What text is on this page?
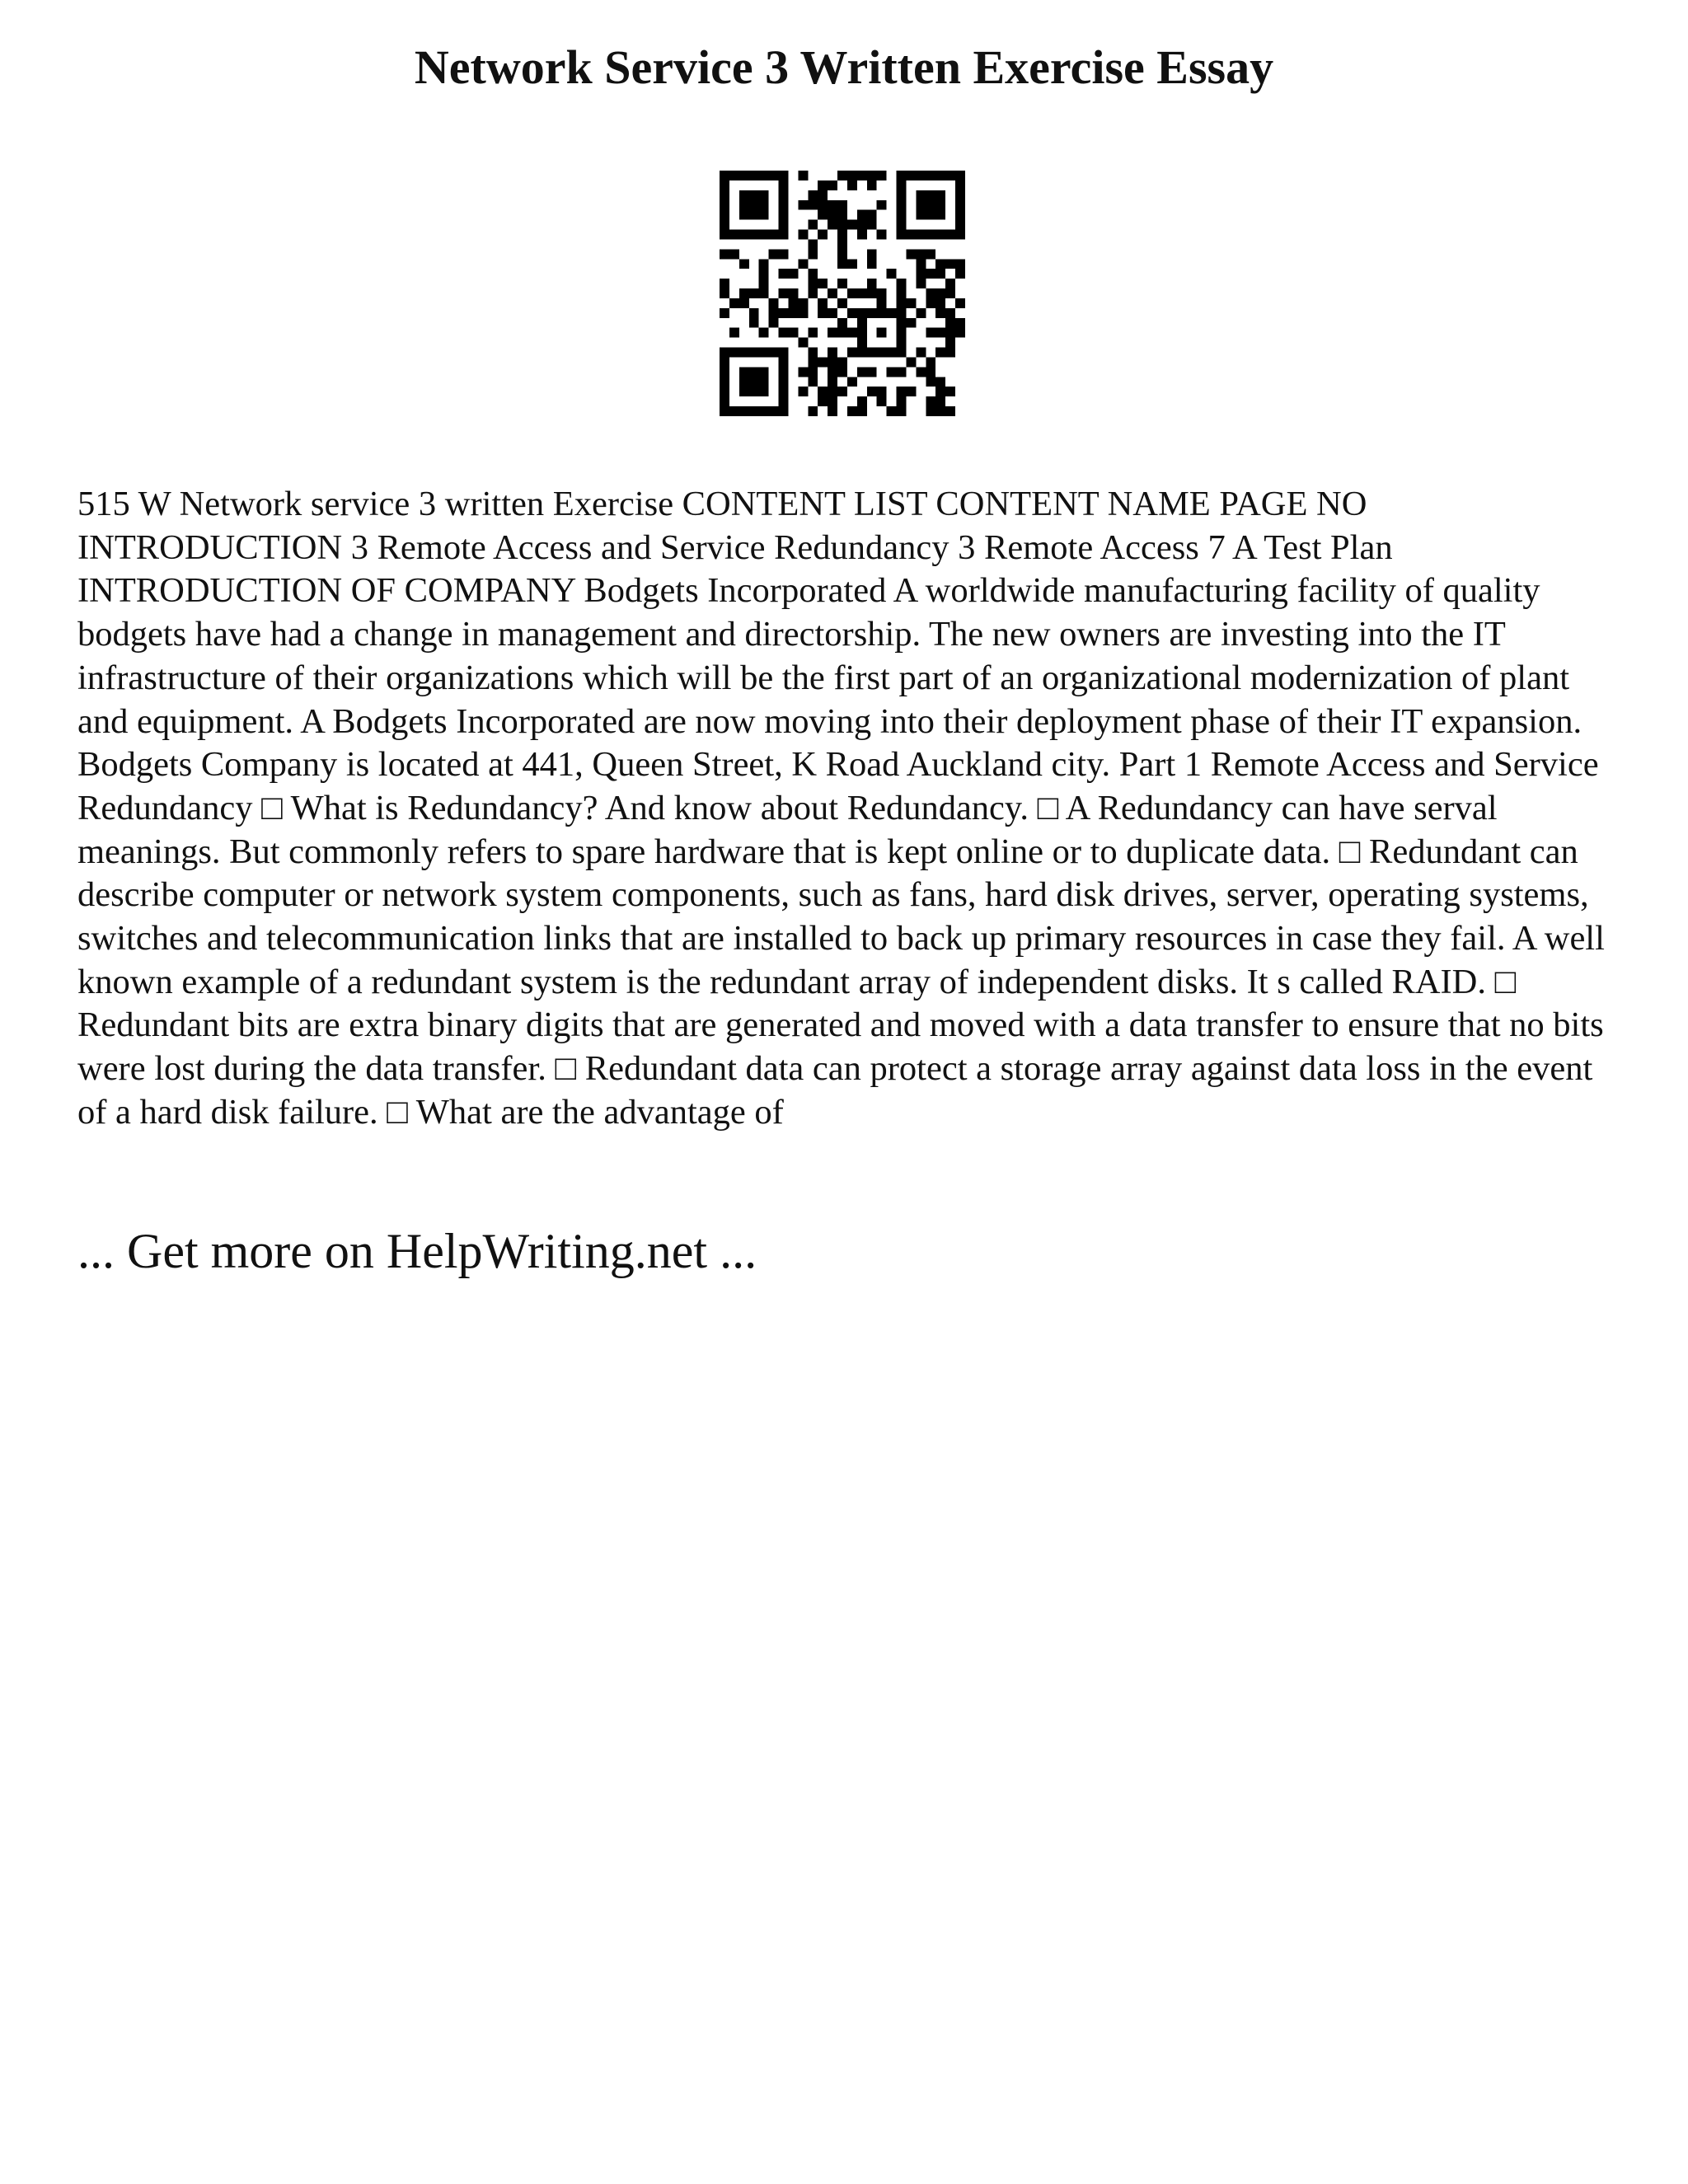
Network Service 3 Written Exercise Essay

515 W Network service 3 written Exercise CONTENT LIST CONTENT NAME PAGE NO INTRODUCTION 3 Remote Access and Service Redundancy 3 Remote Access 7 A Test Plan INTRODUCTION OF COMPANY Bodgets Incorporated A worldwide manufacturing facility of quality bodgets have had a change in management and directorship. The new owners are investing into the IT infrastructure of their organizations which will be the first part of an organizational modernization of plant and equipment. A Bodgets Incorporated are now moving into their deployment phase of their IT expansion. Bodgets Company is located at 441, Queen Street, K Road Auckland city. Part 1 Remote Access and Service Redundancy □ What is Redundancy? And know about Redundancy. □ A Redundancy can have serval meanings. But commonly refers to spare hardware that is kept online or to duplicate data. □ Redundant can describe computer or network system components, such as fans, hard disk drives, server, operating systems, switches and telecommunication links that are installed to back up primary resources in case they fail. A well known example of a redundant system is the redundant array of independent disks. It s called RAID. □ Redundant bits are extra binary digits that are generated and moved with a data transfer to ensure that no bits were lost during the data transfer. □ Redundant data can protect a storage array against data loss in the event of a hard disk failure. □ What are the advantage of

... Get more on HelpWriting.net ...
